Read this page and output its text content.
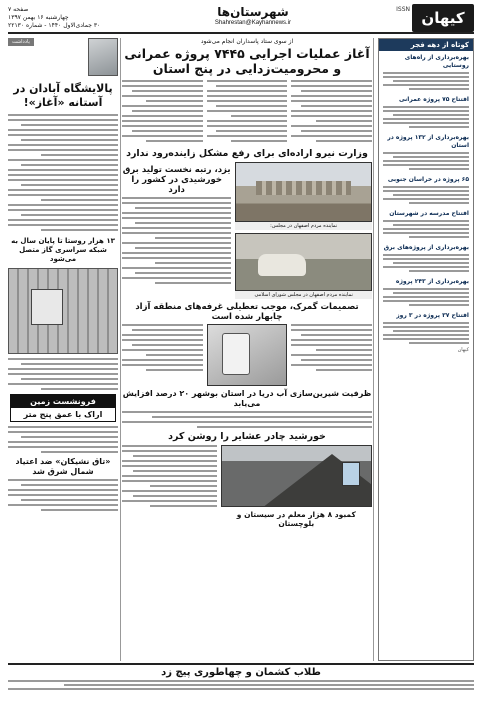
کیهان
ISSN
شهرستان‌ها
Shahrestan@Kayhannews.ir
صفحه ۷
چهارشنبه ۱۶ بهمن ۱۳۹۷
۳۰ جمادی‌الاول ۱۴۴۰ - شماره ۲۲۱۳۰
کوتاه از دهه فجر
بهره‌برداری از راه‌های روستایی
افتتاح ۷۵ پروژه عمرانی
بهره‌برداری از ۱۳۲ پروژه در استان
۶۵ پروژه در خراسان جنوبی
افتتاح مدرسه در شهرستان
بهره‌برداری از پروژه‌های برق
بهره‌برداری از ۲۴۳ پروژه
افتتاح ۳۷ پروژه در ۳ روز
کیهان
یادداشت
پالایشگاه آبادان در آستانه «آغاز»!
۱۳ هزار روستا تا پایان سال به شبکه سراسری گاز متصل می‌شود
فرونشست زمین
اراک با عمق پنج متر
«تاق نشیکان» ضد اعتیاد شمال شرق شد
از سوی ستاد پاسداران انجام می‌شود
آغاز عملیات اجرایی ۷۴۴۵ پروژه عمرانی و محرومیت‌زدایی در پنج استان
وزارت نیرو اراده‌ای برای رفع مشکل زاینده‌رود ندارد
نماینده مردم اصفهان در مجلس:
نماینده مردم اصفهان در مجلس شورای اسلامی
یزد، رتبه نخست تولید برق خورشیدی در کشور را دارد
تصمیمات گمرک، موجب تعطیلی غرفه‌های منطقه آزاد چابهار شده است
ظرفیت شیرین‌سازی آب دریا در استان بوشهر ۲۰ درصد افزایش می‌یابد
خورشید چادر عشایر را روشن کرد
کمبود ۸ هزار معلم در سیستان و بلوچستان
طلاب کشمان و چهاطوری پیچ زد
